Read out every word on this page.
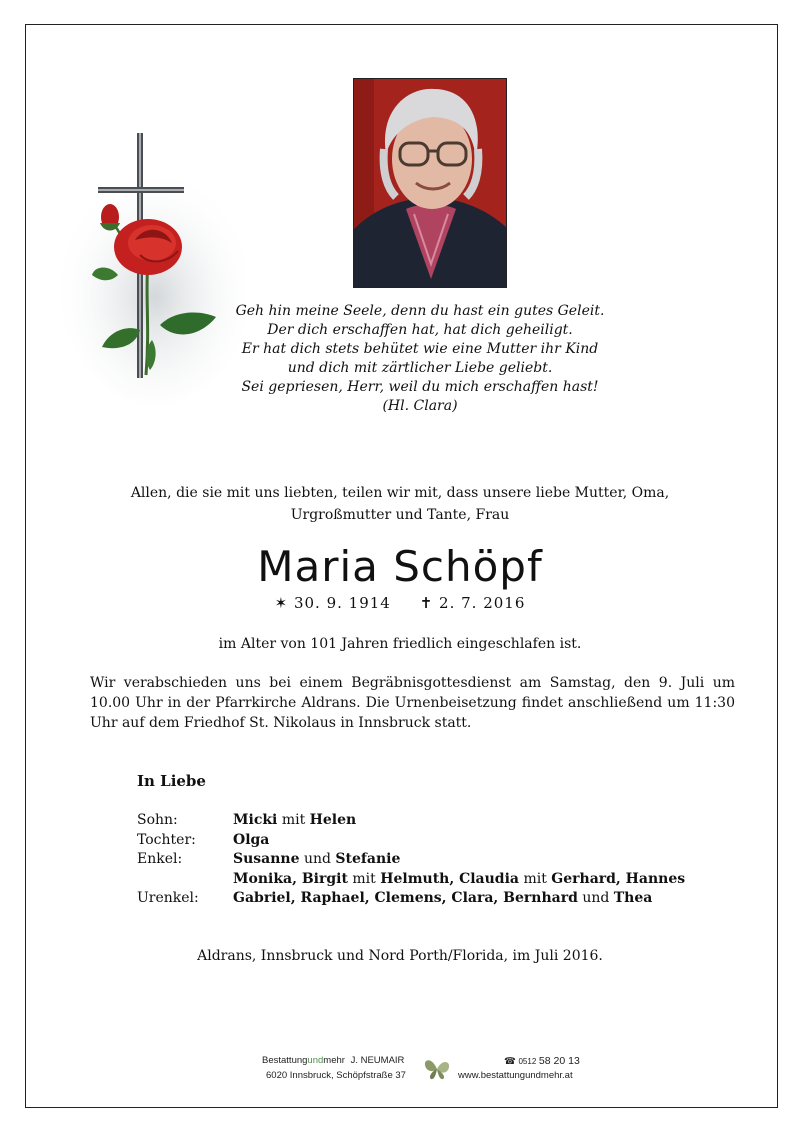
Geh hin meine Seele, denn du hast ein gutes Geleit.
Der dich erschaffen hat, hat dich geheiligt.
Er hat dich stets behütet wie eine Mutter ihr Kind
und dich mit zärtlicher Liebe geliebt.
Sei gepriesen, Herr, weil du mich erschaffen hast!
(Hl. Clara)
Allen, die sie mit uns liebten, teilen wir mit, dass unsere liebe Mutter, Oma,
Urgroßmutter und Tante, Frau
Maria Schöpf
✶ 30. 9. 1914 ✝ 2. 7. 2016
im Alter von 101 Jahren friedlich eingeschlafen ist.
Wir verabschieden uns bei einem Begräbnisgottesdienst am Samstag, den 9. Juli um 10.00 Uhr in der Pfarrkirche Aldrans. Die Urnenbeisetzung findet anschließend um 11:30 Uhr auf dem Friedhof St. Nikolaus in Innsbruck statt.
In Liebe
Sohn:	Micki mit Helen
Tochter:	Olga
Enkel:	Susanne und Stefanie
Monika, Birgit mit Helmuth, Claudia mit Gerhard, Hannes
Urenkel:	Gabriel, Raphael, Clemens, Clara, Bernhard und Thea
Aldrans, Innsbruck und Nord Porth/Florida, im Juli 2016.
Bestattungundmehr J. NEUMAIR
6020 Innsbruck, Schöpfstraße 37
☎ 0512 58 20 13
www.bestattungundmehr.at
